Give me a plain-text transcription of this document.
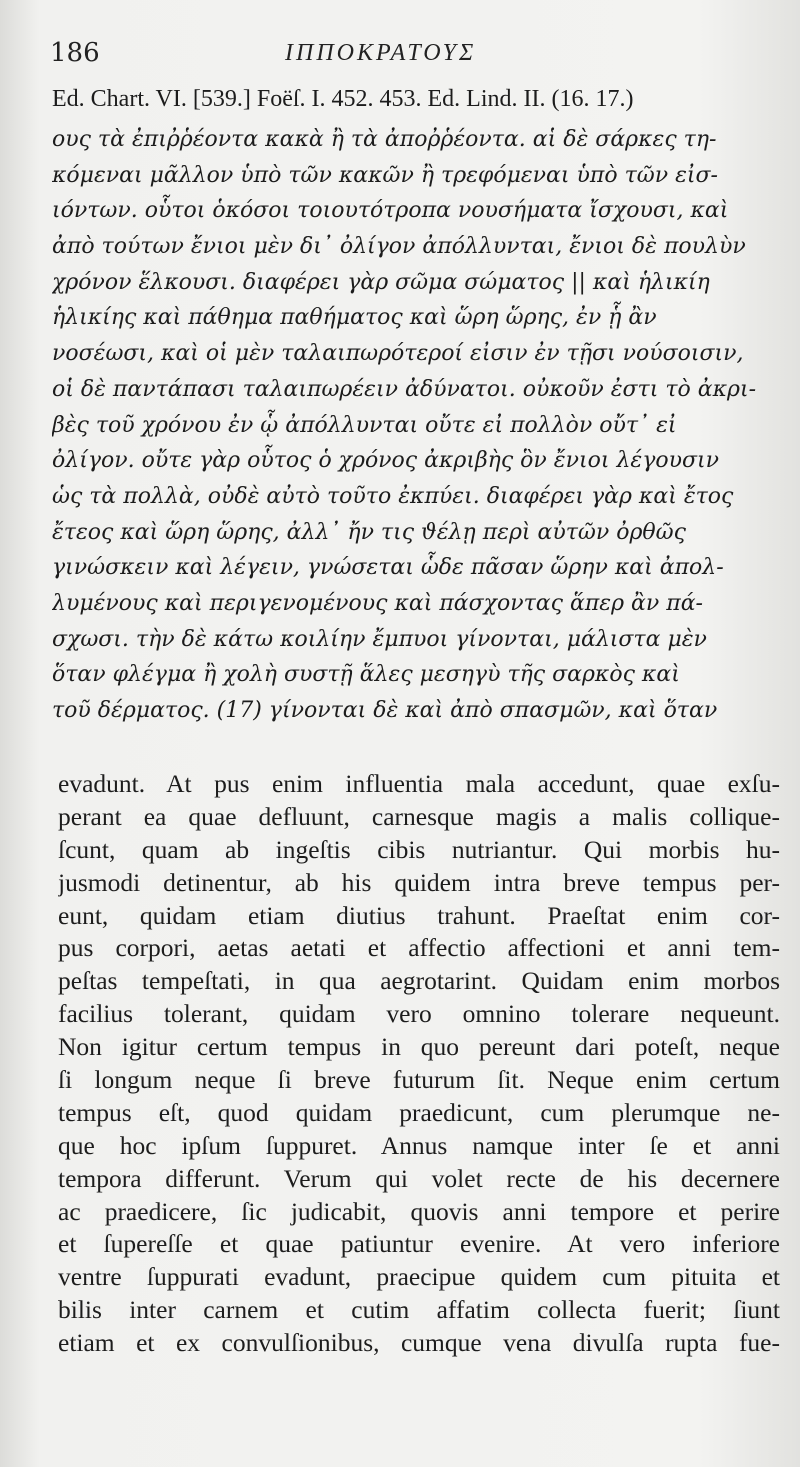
186	ΙΠΠΟΚΡΑΤΟΥΣ
Ed. Chart. VI. [539.] Foëſ. I. 452. 453. Ed. Lind. II. (16. 17.)
ους τὰ ἐπιῤῥέοντα κακὰ ἢ τὰ ἀποῤῥέοντα. αἱ δὲ σάρκες τη-
κόμεναι μᾶλλον ὑπὸ τῶν κακῶν ἢ τρεφόμεναι ὑπὸ τῶν εἰσ-
ιόντων. οὗτοι ὁκόσοι τοιουτότροπα νουσήματα ἴσχουσι, καὶ
ἀπὸ τούτων ἔνιοι μὲν δι᾽ ὀλίγον ἀπόλλυνται, ἔνιοι δὲ πουλὺν
χρόνον ἕλκουσι. διαφέρει γὰρ σῶμα σώματος || καὶ ἡλικίη
ἡλικίης καὶ πάθημα παθήματος καὶ ὥρη ὥρης, ἐν ᾗ ἂν
νοσέωσι, καὶ οἱ μὲν ταλαιπωρότεροί εἰσιν ἐν τῇσι νούσοισιν,
οἱ δὲ παντάπασι ταλαιπωρέειν ἀδύνατοι. οὐκοῦν ἐστι τὸ ἀκρι-
βὲς τοῦ χρόνου ἐν ᾧ ἀπόλλυνται οὔτε εἰ πολλὸν οὔτ᾽ εἰ
ὀλίγον. οὔτε γὰρ οὗτος ὁ χρόνος ἀκριβὴς ὃν ἔνιοι λέγουσιν
ὡς τὰ πολλὰ, οὐδὲ αὐτὸ τοῦτο ἐκπύει. διαφέρει γὰρ καὶ ἔτος
ἔτεος καὶ ὥρη ὥρης, ἀλλ᾽ ἤν τις ϑέλῃ περὶ αὐτῶν ὀρθῶς
γινώσκειν καὶ λέγειν, γνώσεται ὧδε πᾶσαν ὥρην καὶ ἀπολ-
λυμένους καὶ περιγενομένους καὶ πάσχοντας ἅπερ ἂν πά-
σχωσι. τὴν δὲ κάτω κοιλίην ἔμπυοι γίνονται, μάλιστα μὲν
ὅταν φλέγμα ἢ χολὴ συστῇ ἅλες μεσηγὺ τῆς σαρκὸς καὶ
τοῦ δέρματος. (17) γίνονται δὲ καὶ ἀπὸ σπασμῶν, καὶ ὅταν
evadunt. At pus enim influentia mala accedunt, quae exſu-
perant ea quae defluunt, carnesque magis a malis collique-
ſcunt, quam ab ingeſtis cibis nutriantur. Qui morbis hu-
jusmodi detinentur, ab his quidem intra breve tempus per-
eunt, quidam etiam diutius trahunt. Praeſtat enim cor-
pus corpori, aetas aetati et affectio affectioni et anni tem-
peſtas tempeſtati, in qua aegrotarint. Quidam enim morbos
facilius tolerant, quidam vero omnino tolerare nequeunt.
Non igitur certum tempus in quo pereunt dari poteſt, neque
ſi longum neque ſi breve futurum ſit. Neque enim certum
tempus eſt, quod quidam praedicunt, cum plerumque ne-
que hoc ipſum ſuppuret. Annus namque inter ſe et anni
tempora differunt. Verum qui volet recte de his decernere
ac praedicere, ſic judicabit, quovis anni tempore et perire
et ſupereſſe et quae patiuntur evenire. At vero inferiore
ventre ſuppurati evadunt, praecipue quidem cum pituita et
bilis inter carnem et cutim affatim collecta fuerit; ſiunt
etiam et ex convulſionibus, cumque vena divulſa rupta fue-
